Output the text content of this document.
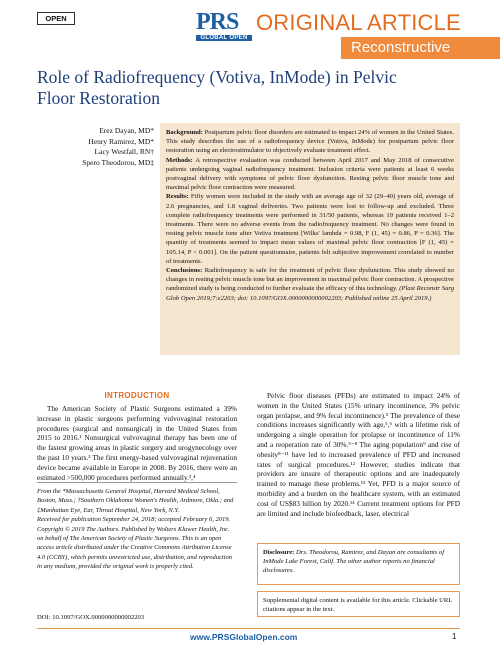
OPEN	PRS
GLOBAL OPEN
ORIGINAL ARTICLE
Reconstructive
Role of Radiofrequency (Votiva, InMode) in Pelvic Floor Restoration
Erez Dayan, MD*
Henry Ramirez, MD*
Lacy Westfall, RN†
Spero Theodorou, MD‡

Background: Postpartum pelvic floor disorders are estimated to impact 24% of women in the United States. This study describes the use of a radiofrequency device (Votiva, InMode) for postpartum pelvic floor restoration using an electrostimulator to objectively evaluate treatment effect.

Methods: A retrospective evaluation was conducted between April 2017 and May 2018 of consecutive patients undergoing vaginal radiofrequency treatment. Inclusion criteria were patients at least 6 weeks postvaginal delivery with symptoms of pelvic floor dysfunction. Resting pelvic floor muscle tone and maximal pelvic floor contraction were measured.

Results: Fifty women were included in the study with an average age of 32 (29–40) years old, average of 2.6 pregnancies, and 1.8 vaginal deliveries. Two patients were lost to follow-up and excluded. Three complete radiofrequency treatments were performed in 31/50 patients, whereas 19 patients received 1–2 treatments. There were no adverse events from the radiofrequency treatment. No changes were found in resting pelvic muscle tone after Votiva treatment [Wilks' lambda = 0.98, F (1, 45) = 0.86, P = 0.36]. The quantity of treatments seemed to impact mean values of maximal pelvic floor contraction [F (1, 45) = 105.14, P < 0.001]. On the patient questionnaire, patients felt subjective improvement correlated to number of treatments.

Conclusions: Radiofrequency is safe for the treatment of pelvic floor dysfunction. This study showed no changes in resting pelvic muscle tone but an improvement in maximal pelvic floor contraction. A prospective randomized study is being conducted to further evaluate the efficacy of this technology. (Plast Reconstr Surg Glob Open 2019;7:e2203; doi: 10.1097/GOX.0000000000002203; Published online 25 April 2019.)

INTRODUCTION

The American Society of Plastic Surgeons estimated a 39% increase in plastic surgeons performing vulvovaginal restoration procedures (surgical and nonsurgical) in the United States from 2015 to 2016.¹ Nonsurgical vulvovaginal therapy has been one of the fastest growing areas in plastic surgery and urogynecology over the past 10 years.² The first energy-based vulvovaginal rejuvenation device became available in Europe in 2008. By 2016, there were an estimated >500,000 procedures performed annually.³,⁴

From the *Massachusetts General Hospital, Harvard Medical School, Boston, Mass.; †Southern Oklahoma Women's Health, Ardmore, Okla.; and ‡Manhattan Eye, Ear, Throat Hospital, New York, N.Y.

Received for publication September 24, 2018; accepted February 6, 2019.

Copyright © 2019 The Authors. Published by Wolters Kluwer Health, Inc. on behalf of The American Society of Plastic Surgeons. This is an open access article distributed under the Creative Commons Attribution License 4.0 (CCBY), which permits unrestricted use, distribution, and reproduction in any medium, provided the original work is properly cited.

DOI: 10.1097/GOX.0000000000002203

Pelvic floor diseases (PFDs) are estimated to impact 24% of women in the United States (15% urinary incontinence, 3% pelvic organ prolapse, and 9% fecal incontinence).⁵ The prevalence of these conditions increases significantly with age,⁵,⁶ with a lifetime risk of undergoing a single operation for prolapse or incontinence of 11% and a reoperation rate of 30%.⁵⁻⁸ The aging population⁹ and rise of obesity⁸⁻¹¹ have led to increased prevalence of PFD and increased rates of surgical procedures.¹² However, studies indicate that providers are unsure of therapeutic options and are inadequately trained to manage these problems.¹³ Yet, PFD is a major source of morbidity and a burden on the healthcare system, with an estimated cost of US$83 billion by 2020.¹⁴ Current treatment options for PFD are limited and include biofeedback, laser, electrical

Disclosure: Drs. Theodorou, Ramirez, and Dayan are consultants of InMode Lake Forest, Calif. The other author reports no financial disclosures.
Supplemental digital content is available for this article. Clickable URL citations appear in the text.
www.PRSGlobalOpen.com	1
